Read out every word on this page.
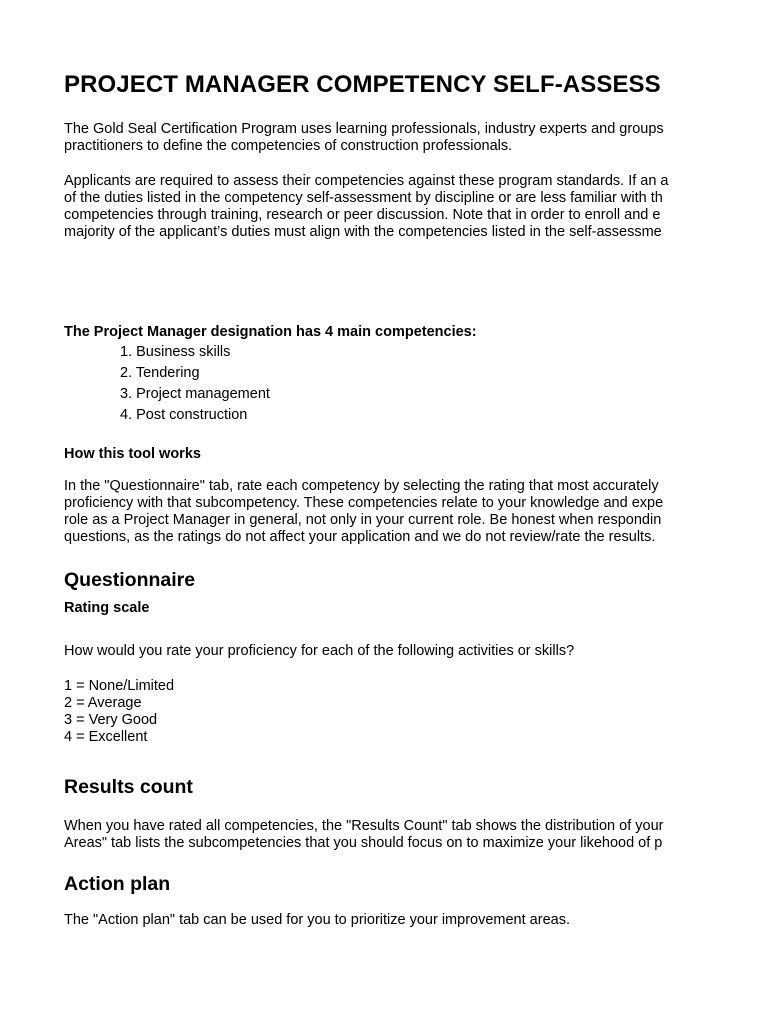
PROJECT MANAGER COMPETENCY SELF-ASSESS
The Gold Seal Certification Program uses learning professionals, industry experts and groups
practitioners to define the competencies of construction professionals.
Applicants are required to assess their competencies against these program standards. If an a
of the duties listed in the competency self-assessment by discipline or are less familiar with th
competencies through training, research or peer discussion. Note that in order to enroll and e
majority of the applicant’s duties must align with the competencies listed in the self-assessme
The Project Manager designation has 4 main competencies:
1. Business skills
2. Tendering
3. Project management
4. Post construction
How this tool works
In the "Questionnaire" tab, rate each competency by selecting the rating that most accurately
proficiency with that subcompetency. These competencies relate to your knowledge and expe
role as a Project Manager in general, not only in your current role. Be honest when respondin
questions, as the ratings do not affect your application and we do not review/rate the results.
Questionnaire
Rating scale
How would you rate your proficiency for each of the following activities or skills?
1 = None/Limited
2 = Average
3 = Very Good
4 = Excellent
Results count
When you have rated all competencies, the "Results Count" tab shows the distribution of your
Areas" tab lists the subcompetencies that you should focus on to maximize your likehood of p
Action plan
The "Action plan" tab can be used for you to prioritize your improvement areas.
